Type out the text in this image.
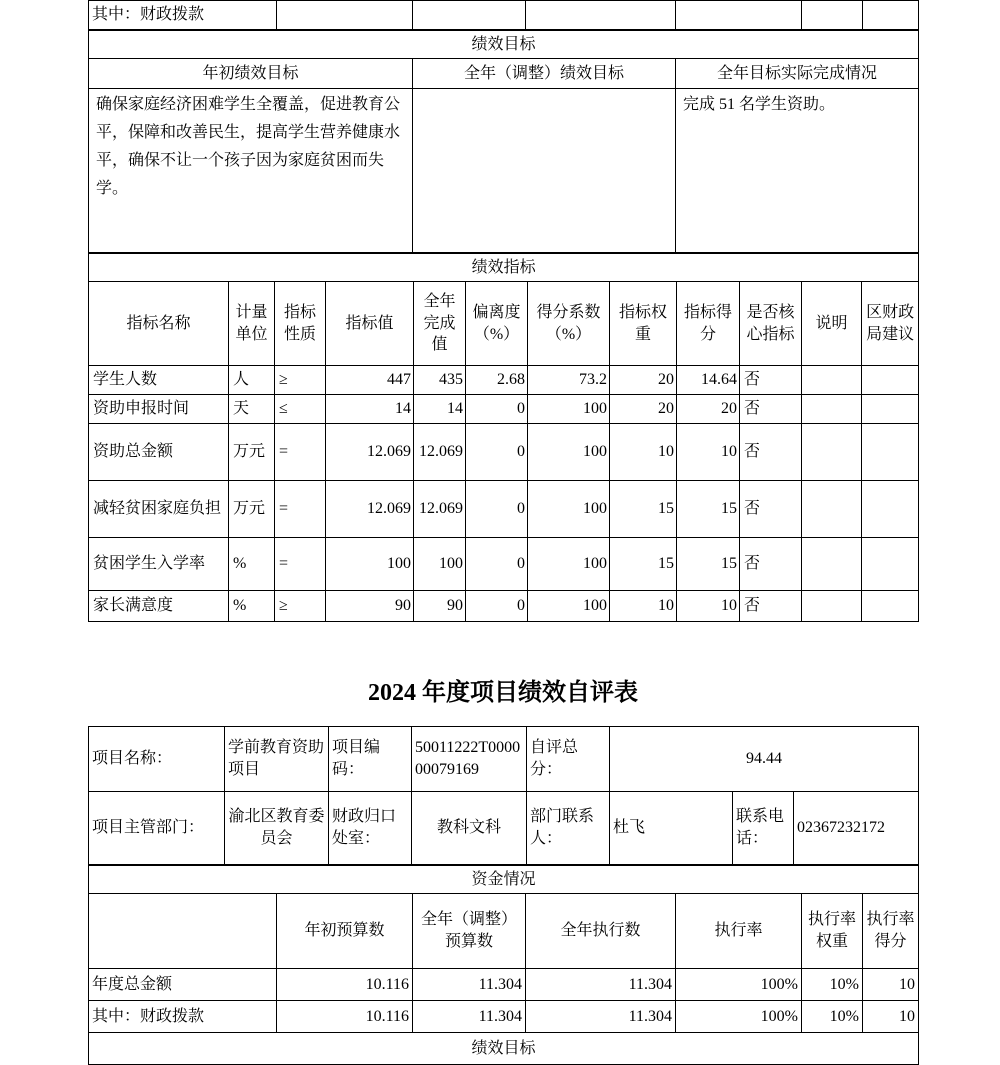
其中：财政拨款						
绩效目标		
年初绩效目标	全年（调整）绩效目标	全年目标实际完成情况
确保家庭经济困难学生全覆盖，促进教育公平，保障和改善民生，提高学生营养健康水平，确保不让一个孩子因为家庭贫困而失学。		完成 51 名学生资助。
绩效指标											
指标名称	计量单位	指标性质	指标值	全年完成值	偏离度（%）	得分系数（%）	指标权重	指标得分	是否核心指标	说明	区财政局建议
学生人数	人	≥	447	435	2.68	73.2	20	14.64	否		
资助申报时间	天	≤	14	14	0	100	20	20	否		
资助总金额	万元	=	12.069	12.069	0	100	10	10	否		
减轻贫困家庭负担	万元	=	12.069	12.069	0	100	15	15	否		
贫困学生入学率	%	=	100	100	0	100	15	15	否		
家长满意度	%	≥	90	90	0	100	10	10	否		
2024 年度项目绩效自评表
项目名称：	学前教育资助项目	项目编码：	50011222T000000079169	自评总分：	94.44		
项目主管部门：	渝北区教育委员会	财政归口处室：	教科文科	部门联系人：	杜飞	联系电话：	02367232172
资金情况						
	年初预算数	全年（调整）预算数	全年执行数	执行率	执行率权重	执行率得分
年度总金额	10.116	11.304	11.304	100%	10%	10
其中：财政拨款	10.116	11.304	11.304	100%	10%	10
绩效目标						
